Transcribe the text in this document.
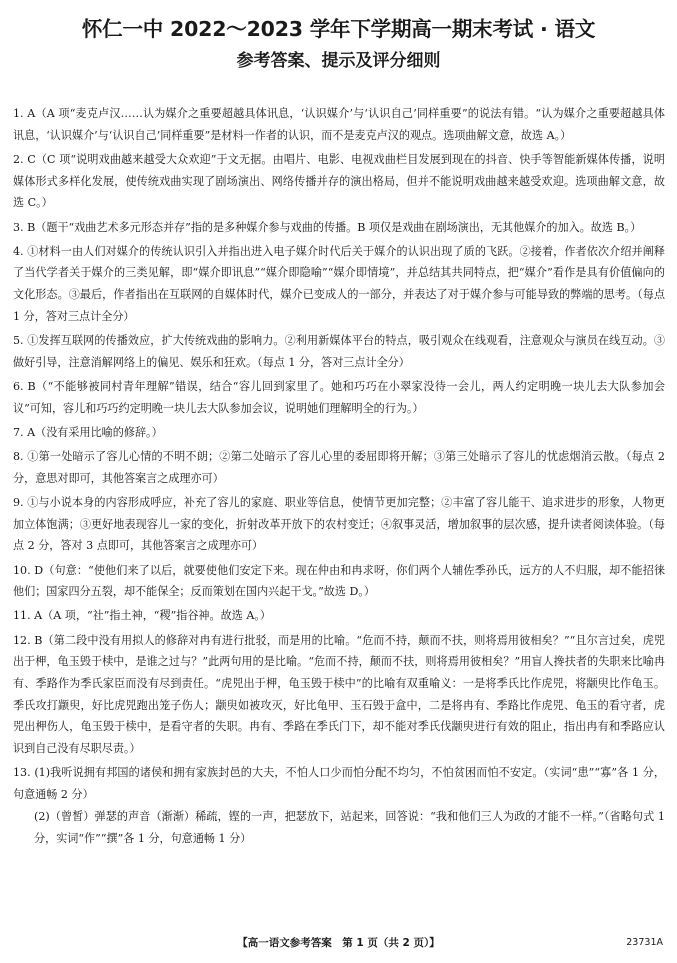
怀仁一中 2022～2023 学年下学期高一期末考试 · 语文
参考答案、提示及评分细则

1. A（A 项“麦克卢汉……认为媒介之重要超越具体讯息，‘认识媒介’与‘认识自己’同样重要”的说法有错。“认为媒介之重要超越具体讯息，‘认识媒介’与‘认识自己’同样重要”是材料一作者的认识，而不是麦克卢汉的观点。选项曲解文意，故选 A。）

2. C（C 项“说明戏曲越来越受大众欢迎”于文无据。由唱片、电影、电视戏曲栏目发展到现在的抖音、快手等智能新媒体传播，说明媒体形式多样化发展，使传统戏曲实现了剧场演出、网络传播并存的演出格局，但并不能说明戏曲越来越受欢迎。选项曲解文意，故选 C。）

3. B（题干“戏曲艺术多元形态并存”指的是多种媒介参与戏曲的传播。B 项仅是戏曲在剧场演出，无其他媒介的加入。故选 B。）

4. ①材料一由人们对媒介的传统认识引入并指出进入电子媒介时代后关于媒介的认识出现了质的飞跃。②接着，作者依次介绍并阐释了当代学者关于媒介的三类见解，即“媒介即讯息”“媒介即隐喻”“媒介即情境”，并总结其共同特点，把“媒介”看作是具有价值偏向的文化形态。③最后，作者指出在互联网的自媒体时代，媒介已变成人的一部分，并表达了对于媒介参与可能导致的弊端的思考。（每点 1 分，答对三点计全分）

5. ①发挥互联网的传播效应，扩大传统戏曲的影响力。②利用新媒体平台的特点，吸引观众在线观看，注意观众与演员在线互动。③做好引导，注意消解网络上的偏见、娱乐和狂欢。（每点 1 分，答对三点计全分）

6. B（“不能够被同村青年理解”错误，结合“容儿回到家里了。她和巧巧在小翠家没待一会儿，两人约定明晚一块儿去大队参加会议”可知，容儿和巧巧约定明晚一块儿去大队参加会议，说明她们理解明全的行为。）

7. A（没有采用比喻的修辞。）

8. ①第一处暗示了容儿心情的不明不朗；②第二处暗示了容儿心里的委屈即将开解；③第三处暗示了容儿的忧虑烟消云散。（每点 2 分，意思对即可，其他答案言之成理亦可）

9. ①与小说本身的内容形成呼应，补充了容儿的家庭、职业等信息，使情节更加完整；②丰富了容儿能干、追求进步的形象，人物更加立体饱满；③更好地表现容儿一家的变化，折射改革开放下的农村变迁；④叙事灵活，增加叙事的层次感，提升读者阅读体验。（每点 2 分，答对 3 点即可，其他答案言之成理亦可）

10. D（句意：“使他们来了以后，就要使他们安定下来。现在仲由和冉求呀，你们两个人辅佐季孙氏，远方的人不归服，却不能招徕他们；国家四分五裂，却不能保全；反而策划在国内兴起干戈。”故选 D。）

11. A（A 项，“社”指土神，“稷”指谷神。故选 A。）

12. B（第二段中没有用拟人的修辞对冉有进行批驳，而是用的比喻。“危而不持，颠而不扶，则将焉用彼相矣？”“且尔言过矣，虎兕出于柙，龟玉毁于椟中，是谁之过与？”此两句用的是比喻。“危而不持，颠而不扶，则将焉用彼相矣？”用盲人搀扶者的失职来比喻冉有、季路作为季氏家臣而没有尽到责任。“虎兕出于柙，龟玉毁于椟中”的比喻有双重喻义：一是将季氏比作虎兕，将颛臾比作龟玉。季氏攻打颛臾，好比虎兕跑出笼子伤人；颛臾如被攻灭，好比龟甲、玉石毁于盒中，二是将冉有、季路比作虎兕、龟玉的看守者，虎兕出柙伤人，龟玉毁于椟中，是看守者的失职。冉有、季路在季氏门下，却不能对季氏伐颛臾进行有效的阻止，指出冉有和季路应认识到自己没有尽职尽责。）

13. (1)我听说拥有邦国的诸侯和拥有家族封邑的大夫，不怕人口少而怕分配不均匀，不怕贫困而怕不安定。（实词“患”“寡”各 1 分，句意通畅 2 分）

(2)（曾皙）弹瑟的声音（渐渐）稀疏，铿的一声，把瑟放下，站起来，回答说：“我和他们三人为政的才能不一样。”（省略句式 1 分，实词“作”“撰”各 1 分，句意通畅 1 分）

【高一语文参考答案　第 1 页（共 2 页）】	23731A
